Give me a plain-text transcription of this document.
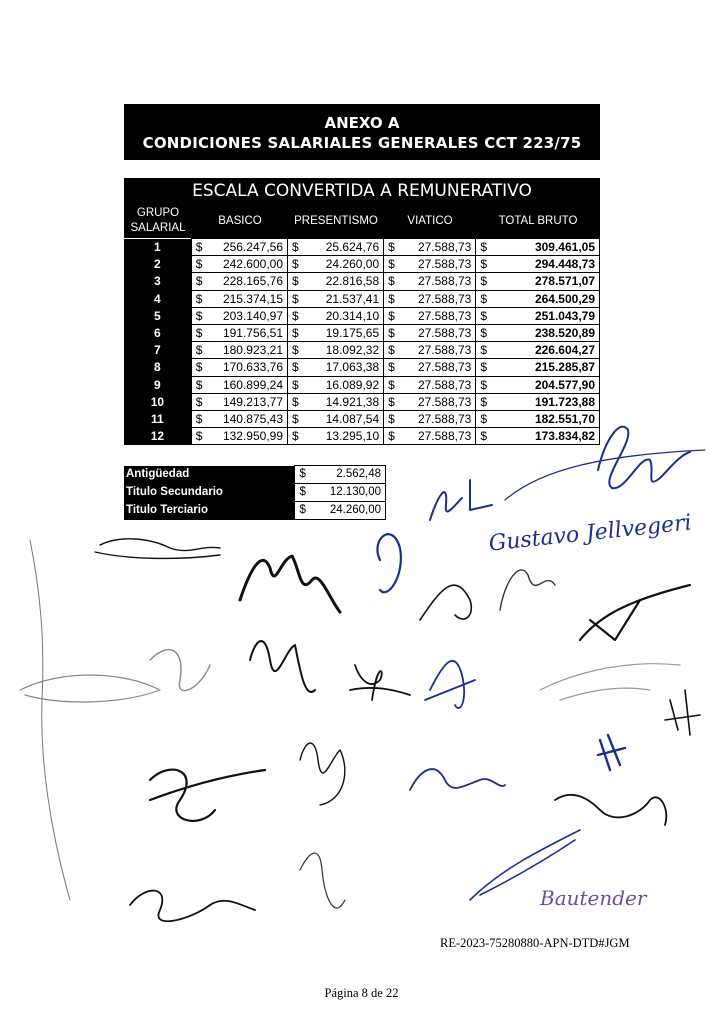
ANEXO A
CONDICIONES SALARIALES GENERALES CCT 223/75
ESCALA CONVERTIDA A REMUNERATIVO
GRUPO SALARIAL
BASICO	PRESENTISMO	VIATICO	TOTAL BRUTO
1	$ 256.247,56	$ 25.624,76	$ 27.588,73	$ 309.461,05

2	$ 242.600,00	$ 24.260,00	$ 27.588,73	$ 294.448,73

3	$ 228.165,76	$ 22.816,58	$ 27.588,73	$ 278.571,07

4	$ 215.374,15	$ 21.537,41	$ 27.588,73	$ 264.500,29

5	$ 203.140,97	$ 20.314,10	$ 27.588,73	$ 251.043,79

6	$ 191.756,51	$ 19.175,65	$ 27.588,73	$ 238.520,89

7	$ 180.923,21	$ 18.092,32	$ 27.588,73	$ 226.604,27

8	$ 170.633,76	$ 17.063,38	$ 27.588,73	$ 215.285,87

9	$ 160.899,24	$ 16.089,92	$ 27.588,73	$ 204.577,90

10	$ 149.213,77	$ 14.921,38	$ 27.588,73	$ 191.723,88

11	$ 140.875,43	$ 14.087,54	$ 27.588,73	$ 182.551,70

12	$ 132.950,99	$ 13.295,10	$ 27.588,73	$ 173.834,82
Antigüedad	$ 2.562,48

Titulo Secundario	$ 12.130,00

Titulo Terciario	$ 24.260,00
Gustavo Jellvegeri
Bautender
RE-2023-75280880-APN-DTD#JGM
Página 8 de 22
